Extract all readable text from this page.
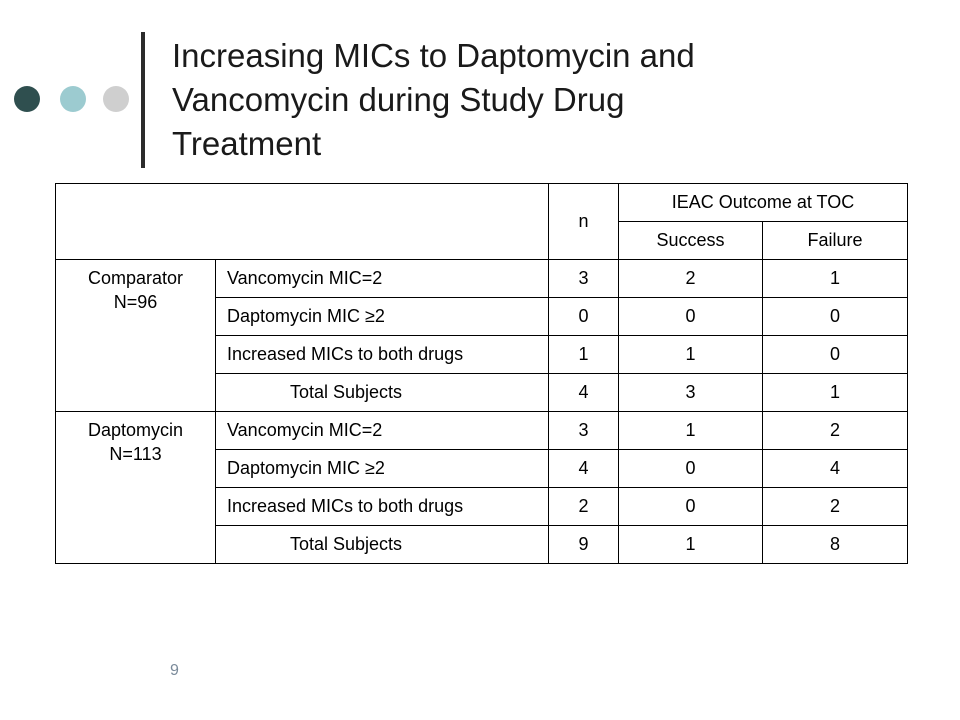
Increasing MICs to Daptomycin and
Vancomycin during Study Drug
Treatment
		n	IEAC Outcome at TOC	
			Success	Failure

Comparator
N=96	Vancomycin MIC=2	3	2	1
	Daptomycin MIC ≥2	0	0	0
	Increased MICs to both drugs	1	1	0
	Total Subjects	4	3	1

Daptomycin
N=113	Vancomycin MIC=2	3	1	2
	Daptomycin MIC ≥2	4	0	4
	Increased MICs to both drugs	2	0	2
	Total Subjects	9	1	8
9
